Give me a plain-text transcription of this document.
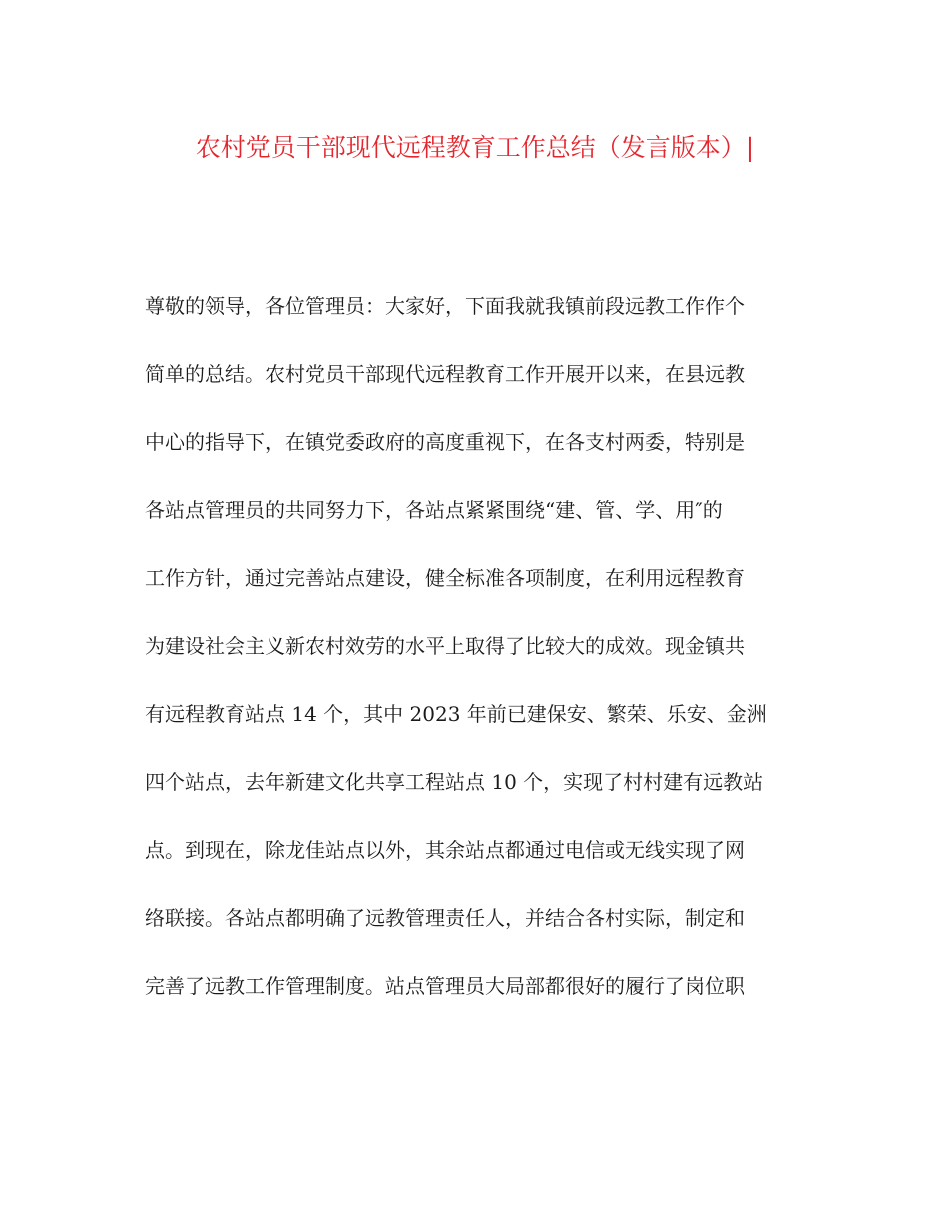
农村党员干部现代远程教育工作总结（发言版本）|
尊敬的领导，各位管理员：大家好，下面我就我镇前段远教工作作个
简单的总结。农村党员干部现代远程教育工作开展开以来，在县远教
中心的指导下，在镇党委政府的高度重视下，在各支村两委，特别是
各站点管理员的共同努力下，各站点紧紧围绕“建、管、学、用″的
工作方针，通过完善站点建设，健全标准各项制度，在利用远程教育
为建设社会主义新农村效劳的水平上取得了比较大的成效。现金镇共
有远程教育站点 14 个，其中 2023 年前已建保安、繁荣、乐安、金洲
四个站点，去年新建文化共享工程站点 10 个，实现了村村建有远教站
点。到现在，除龙佳站点以外，其余站点都通过电信或无线实现了网
络联接。各站点都明确了远教管理责任人，并结合各村实际，制定和
完善了远教工作管理制度。站点管理员大局部都很好的履行了岗位职
